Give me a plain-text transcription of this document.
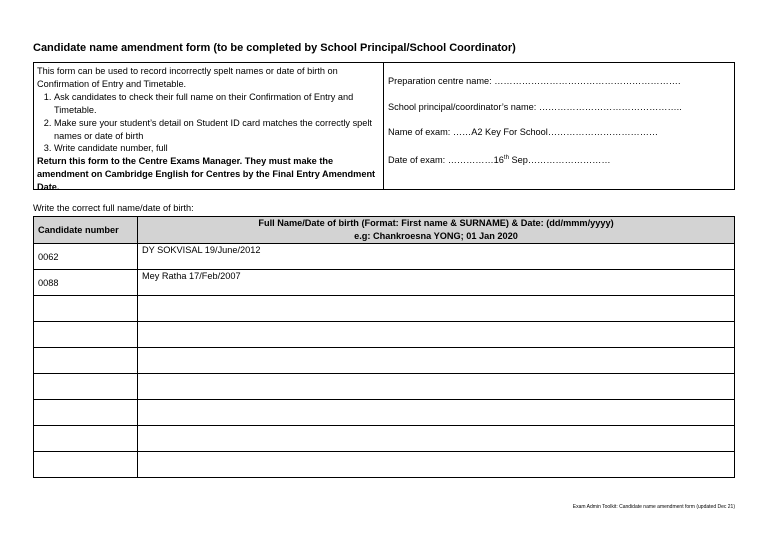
Candidate name amendment form (to be completed by School Principal/School Coordinator)
This form can be used to record incorrectly spelt names or date of birth on Confirmation of Entry and Timetable.
1. Ask candidates to check their full name on their Confirmation of Entry and Timetable.
2. Make sure your student’s detail on Student ID card matches the correctly spelt names or date of birth
3. Write candidate number, full
Return this form to the Centre Exams Manager. They must make the amendment on Cambridge English for Centres by the Final Entry Amendment Date.
Preparation centre name: …………………………………………………….
School principal/coordinator’s name: ………………………………………..
Name of exam: ……A2 Key For School………………………………
Date of exam: ……………16th Sep………………………
Write the correct full name/date of birth:
Candidate number	Full Name/Date of birth (Format: First name & SURNAME) & Date: (dd/mmm/yyyy)
e.g: Chankroesna YONG; 01 Jan 2020

0062	DY SOKVISAL 19/June/2012
0088	Mey Ratha 17/Feb/2007

Exam Admin Toolkit: Candidate name amendment form (updated Dec 21)
